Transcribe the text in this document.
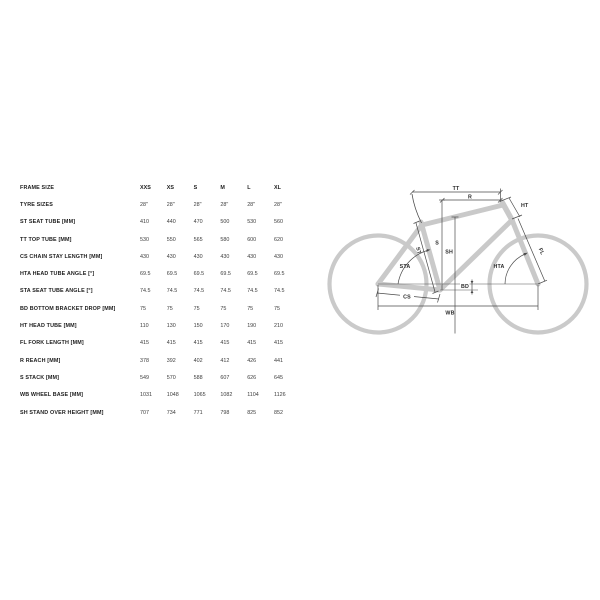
FRAME SIZE	XXS	XS	S	M	L	XL
TYRE SIZES	28"	28"	28"	28"	28"	28"
ST SEAT TUBE [MM]	410	440	470	500	530	560
TT TOP TUBE [MM]	530	550	565	580	600	620
CS CHAIN STAY LENGTH [MM]	430	430	430	430	430	430
HTA HEAD TUBE ANGLE [°]	69.5	69.5	69.5	69.5	69.5	69.5
STA SEAT TUBE ANGLE [°]	74.5	74.5	74.5	74.5	74.5	74.5
BD BOTTOM BRACKET DROP [MM]	75	75	75	75	75	75
HT HEAD TUBE [MM]	110	130	150	170	190	210
FL FORK LENGTH [MM]	415	415	415	415	415	415
R REACH [MM]	378	392	402	412	426	441
S STACK [MM]	549	570	588	607	626	645
WB WHEEL BASE [MM]	1031	1048	1065	1082	1104	1126
SH STAND OVER HEIGHT [MM]	707	734	771	798	825	852
TT
R
S
SH
ST
HT
FL
STA	HTA
BD
CS
WB
